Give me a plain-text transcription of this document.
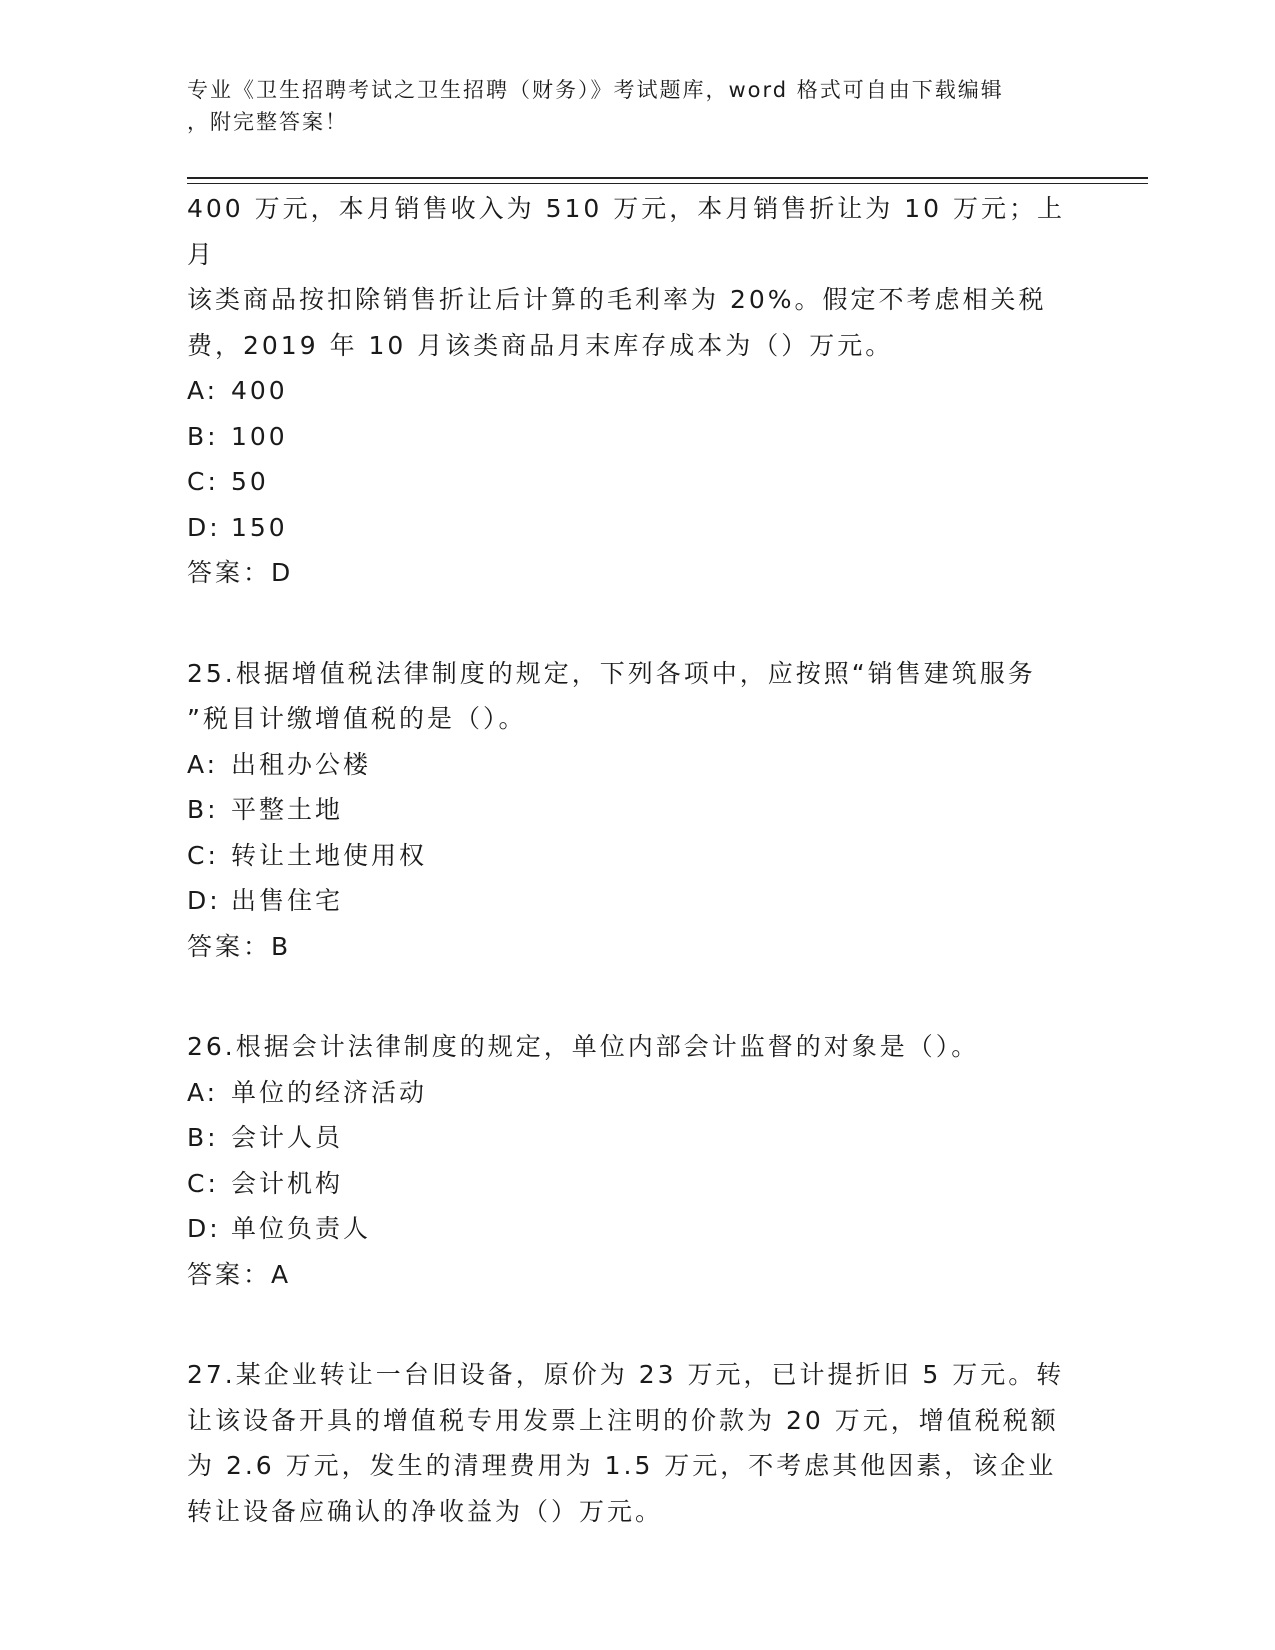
专业《卫生招聘考试之卫生招聘（财务）》考试题库，word 格式可自由下载编辑
，附完整答案！

400 万元，本月销售收入为 510 万元，本月销售折让为 10 万元；上月

该类商品按扣除销售折让后计算的毛利率为 20%。假定不考虑相关税

费，2019 年 10 月该类商品月末库存成本为（）万元。

A: 400
B: 100
C: 50
D: 150
答案：D

25.根据增值税法律制度的规定，下列各项中，应按照“销售建筑服务

”税目计缴增值税的是（）。

A: 出租办公楼
B: 平整土地
C: 转让土地使用权
D: 出售住宅
答案：B

26.根据会计法律制度的规定，单位内部会计监督的对象是（）。

A: 单位的经济活动
B: 会计人员
C: 会计机构
D: 单位负责人
答案：A

27.某企业转让一台旧设备，原价为 23 万元，已计提折旧 5 万元。转

让该设备开具的增值税专用发票上注明的价款为 20 万元，增值税税额

为 2.6 万元，发生的清理费用为 1.5 万元，不考虑其他因素，该企业

转让设备应确认的净收益为（）万元。
